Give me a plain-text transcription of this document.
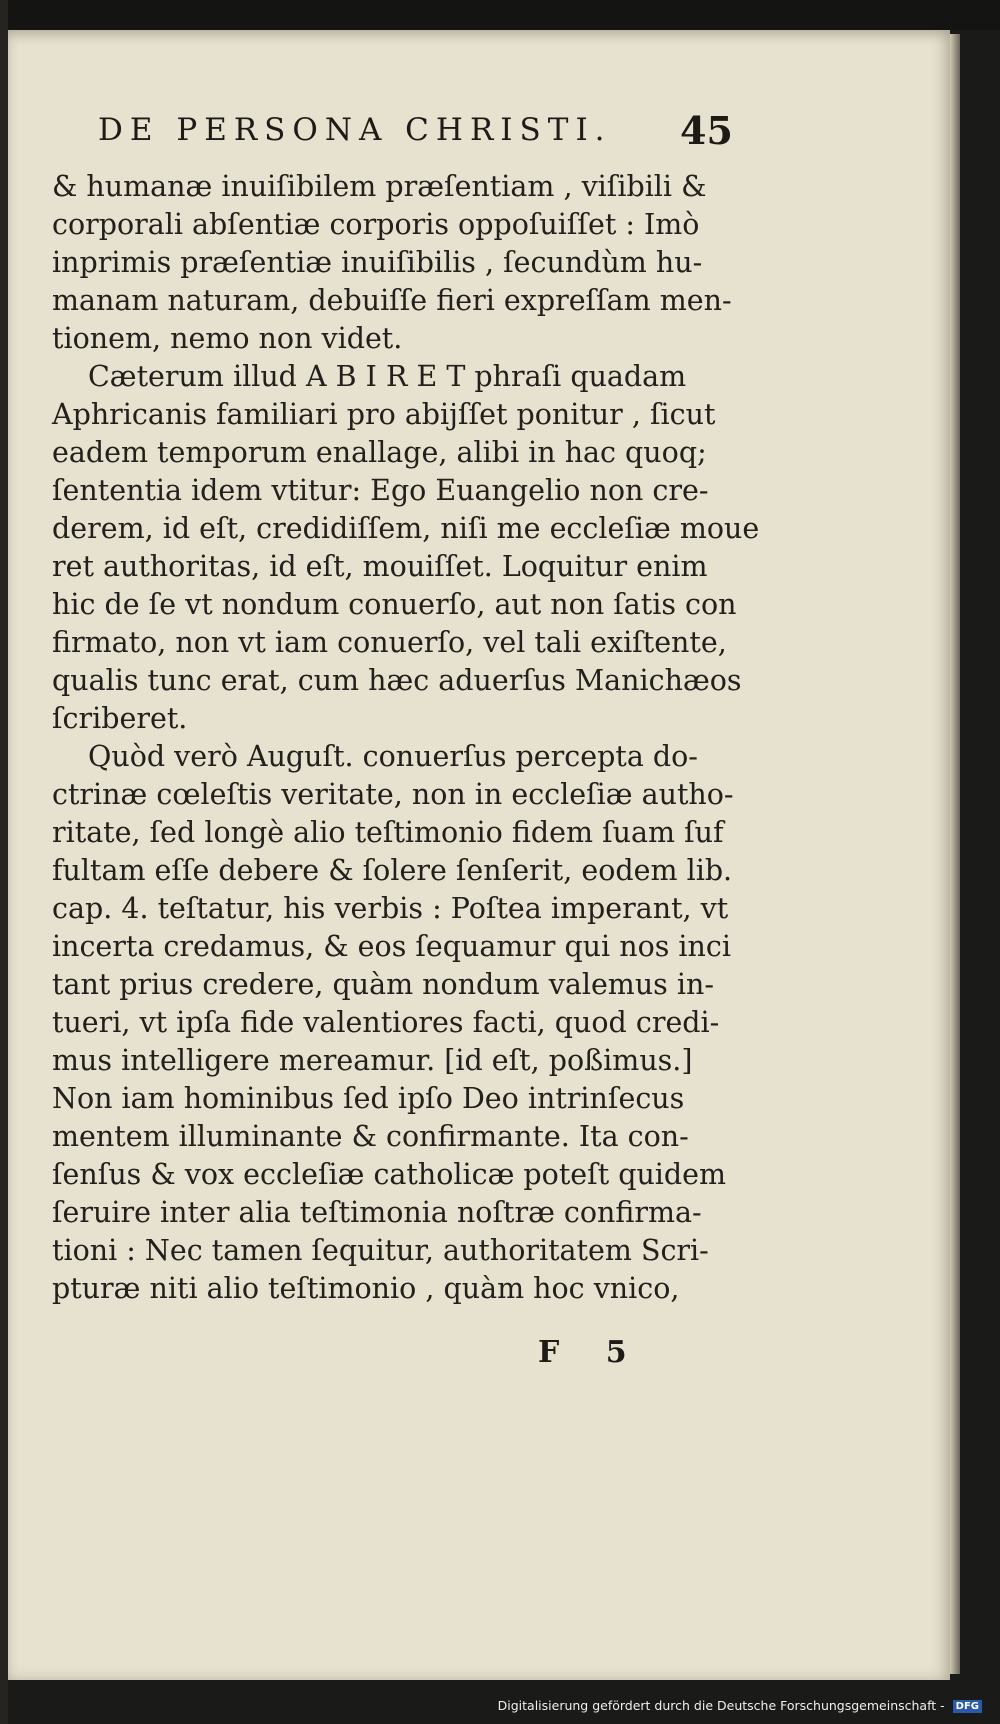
DE PERSONA CHRISTI.	45
& humanæ inuiſibilem præſentiam , viſibili &
corporali abſentiæ corporis oppoſuiſſet : Imò
inprimis præſentiæ inuiſibilis , ſecundùm hu-
manam naturam, debuiſſe fieri expreſſam men-
tionem, nemo non videt.
Cæterum illud A B I R E T phraſi quadam
Aphricanis familiari pro abijſſet ponitur , ſicut
eadem temporum enallage, alibi in hac quoq;
ſententia idem vtitur: Ego Euangelio non cre-
derem, id eſt, credidiſſem, niſi me eccleſiæ moue
ret authoritas, id eſt, mouiſſet. Loquitur enim
hic de ſe vt nondum conuerſo, aut non ſatis con
firmato, non vt iam conuerſo, vel tali exiſtente,
qualis tunc erat, cum hæc aduerſus Manichæos
ſcriberet.
Quòd verò Auguſt. conuerſus percepta do-
ctrinæ cœleſtis veritate, non in eccleſiæ autho-
ritate, ſed longè alio teſtimonio fidem ſuam ſuf
fultam eſſe debere & ſolere ſenſerit, eodem lib.
cap. 4. teſtatur, his verbis : Poſtea imperant, vt
incerta credamus, & eos ſequamur qui nos inci
tant prius credere, quàm nondum valemus in-
tueri, vt ipſa fide valentiores facti, quod credi-
mus intelligere mereamur. [id eſt, poßimus.]
Non iam hominibus ſed ipſo Deo intrinſecus
mentem illuminante & confirmante. Ita con-
ſenſus & vox eccleſiæ catholicæ poteſt quidem
ſeruire inter alia teſtimonia noſtræ confirma-
tioni : Nec tamen ſequitur, authoritatem Scri-
pturæ niti alio teſtimonio , quàm hoc vnico,
F 5
Digitalisierung gefördert durch die Deutsche Forschungsgemeinschaft - DFG
